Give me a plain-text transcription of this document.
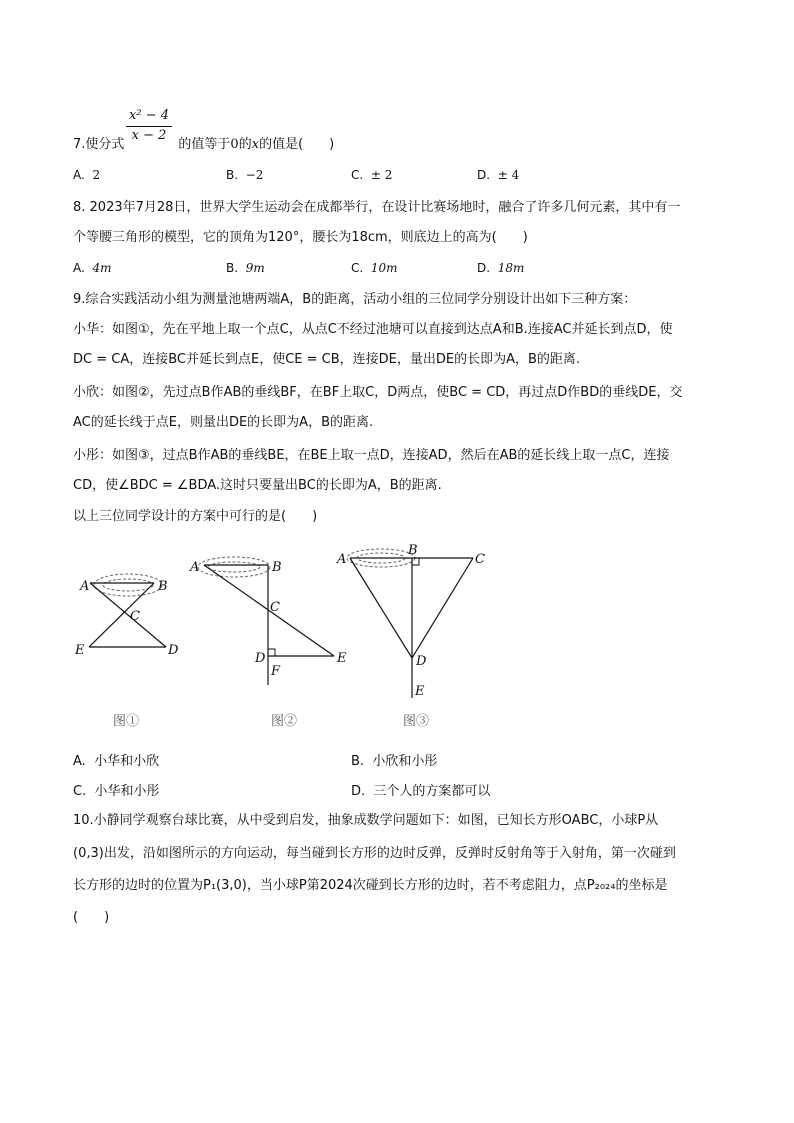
x² − 4
x − 2
7.使分式	的值等于0的x的值是(　　)
A. 2	B. −2	C. ± 2	D. ± 4
8. 2023年7月28日，世界大学生运动会在成都举行，在设计比赛场地时，融合了许多几何元素，其中有一
个等腰三角形的模型，它的顶角为120°，腰长为18cm，则底边上的高为(　　)
A. 4m	B. 9m	C. 10m	D. 18m
9.综合实践活动小组为测量池塘两端A，B的距离，活动小组的三位同学分别设计出如下三种方案：
小华：如图①，先在平地上取一个点C，从点C不经过池塘可以直接到达点A和B.连接AC并延长到点D，使
DC = CA，连接BC并延长到点E，使CE = CB，连接DE，量出DE的长即为A，B的距离.
小欣：如图②，先过点B作AB的垂线BF，在BF上取C，D两点，使BC = CD，再过点D作BD的垂线DE，交
AC的延长线于点E，则量出DE的长即为A，B的距离.
小彤：如图③，过点B作AB的垂线BE，在BE上取一点D，连接AD，然后在AB的延长线上取一点C，连接
CD，使∠BDC = ∠BDA.这时只要量出BC的长即为A，B的距离.
以上三位同学设计的方案中可行的是(　　)
A	B
C
E	D
图①
A	B
C
D	E
F
图②
A
B
C
D
E
图③
A. 小华和小欣	B. 小欣和小彤
C. 小华和小彤	D. 三个人的方案都可以
10.小静同学观察台球比赛，从中受到启发，抽象成数学问题如下：如图，已知长方形OABC，小球P从
(0,3)出发，沿如图所示的方向运动，每当碰到长方形的边时反弹，反弹时反射角等于入射角，第一次碰到
长方形的边时的位置为P₁(3,0)，当小球P第2024次碰到长方形的边时，若不考虑阻力，点P₂₀₂₄的坐标是
(　　)
